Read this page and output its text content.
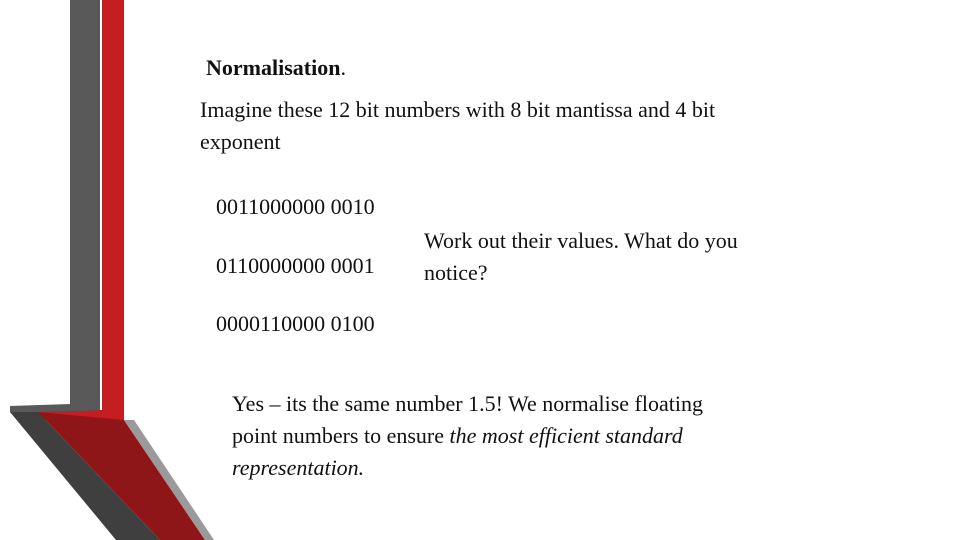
Normalisation.

Imagine these 12 bit numbers with 8 bit mantissa and 4 bit exponent

0011000000 0010

0110000000 0001

0000110000 0100

Work out their values. What do you notice?

Yes – its the same number 1.5! We normalise floating point numbers to ensure the most efficient standard representation.
